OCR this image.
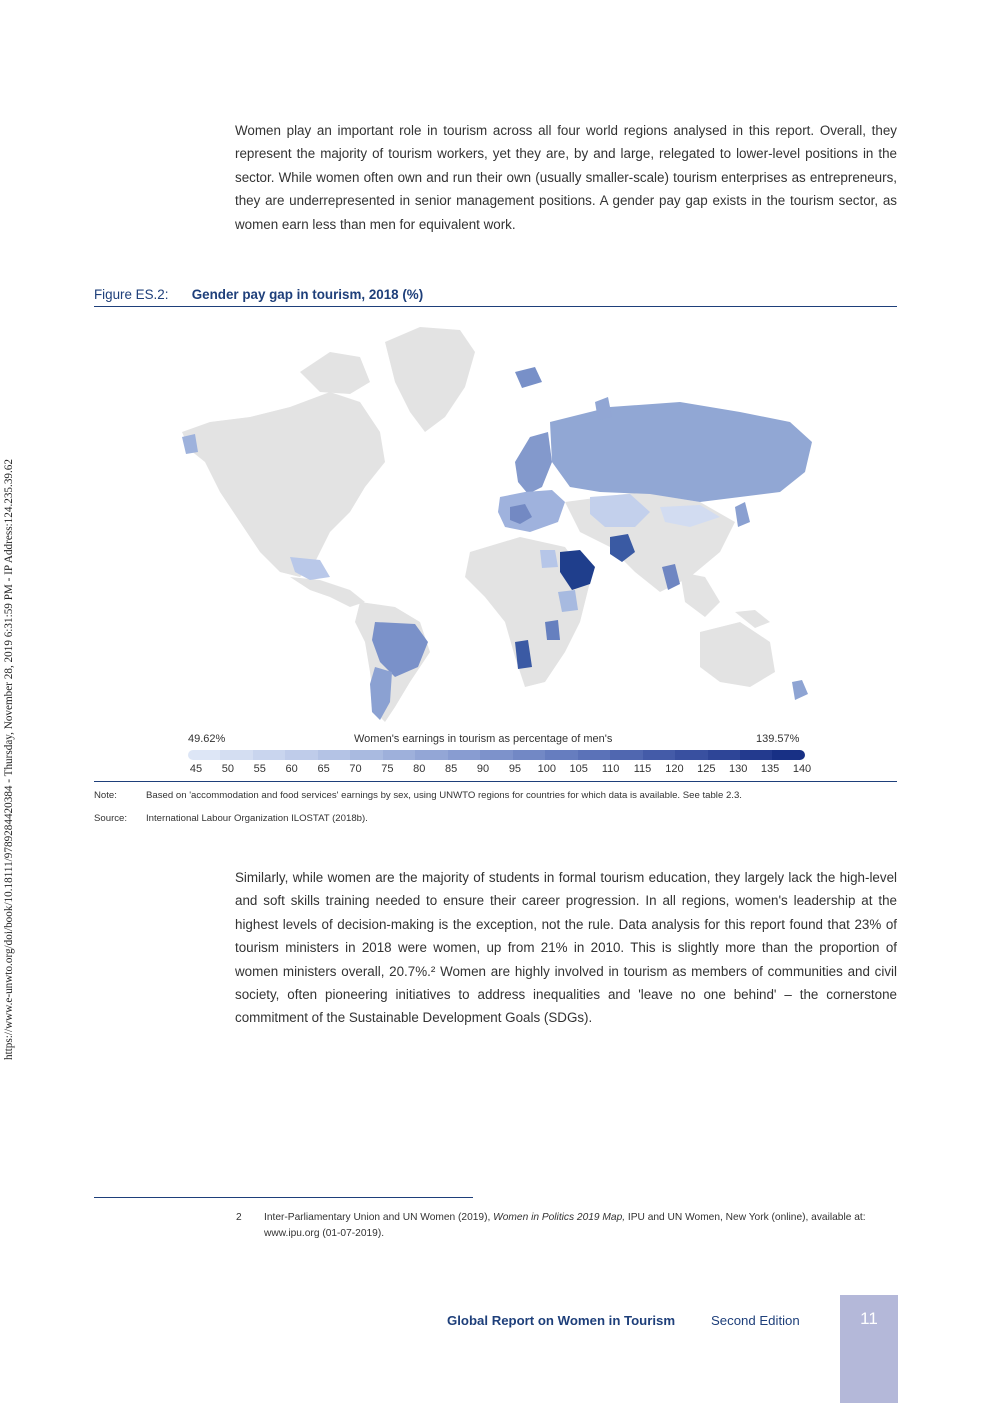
https://www.e-unwto.org/doi/book/10.18111/9789284420384 - Thursday, November 28, 2019 6:31:59 PM - IP Address:124.235.39.62

Women play an important role in tourism across all four world regions analysed in this report. Overall, they represent the majority of tourism workers, yet they are, by and large, relegated to lower-level positions in the sector. While women often own and run their own (usually smaller-scale) tourism enterprises as entrepreneurs, they are underrepresented in senior management positions. A gender pay gap exists in the tourism sector, as women earn less than men for equivalent work.

Figure ES.2: Gender pay gap in tourism, 2018 (%)
49.62%	Women's earnings in tourism as percentage of men's	139.57%
45 50 55 60 65 70 75 80 85 90 95 100 105 110 115 120 125 130 135 140
Note:	Based on 'accommodation and food services' earnings by sex, using UNWTO regions for countries for which data is available. See table 2.3.
Source: International Labour Organization ILOSTAT (2018b).

Similarly, while women are the majority of students in formal tourism education, they largely lack the high-level and soft skills training needed to ensure their career progression. In all regions, women's leadership at the highest levels of decision-making is the exception, not the rule. Data analysis for this report found that 23% of tourism ministers in 2018 were women, up from 21% in 2010. This is slightly more than the proportion of women ministers overall, 20.7%.² Women are highly involved in tourism as members of communities and civil society, often pioneering initiatives to address inequalities and 'leave no one behind' – the cornerstone commitment of the Sustainable Development Goals (SDGs).

2 Inter-Parliamentary Union and UN Women (2019), Women in Politics 2019 Map, IPU and UN Women, New York (online), available at: www.ipu.org (01-07-2019).
Global Report on Women in Tourism	Second Edition	11
